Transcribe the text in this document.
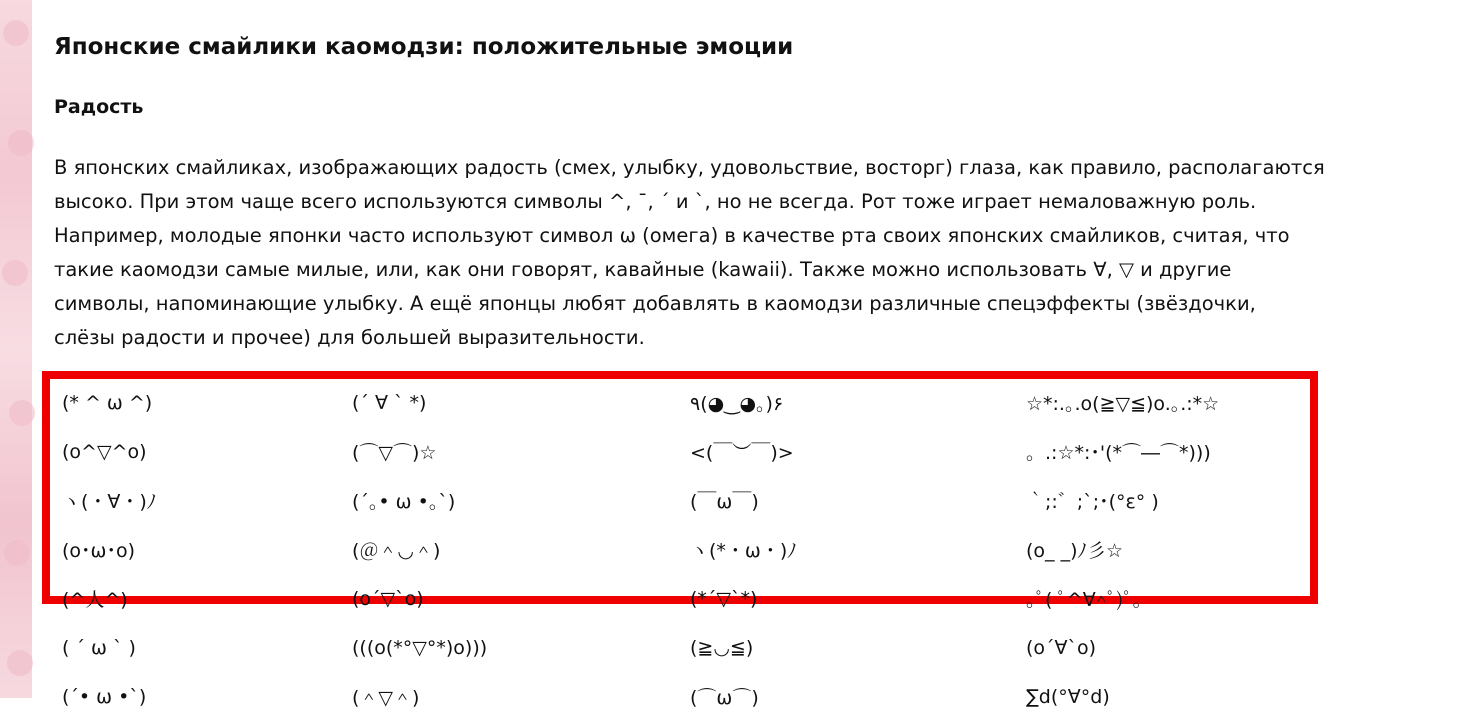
Японские смайлики каомодзи: положительные эмоции
Радость

В японских смайликах, изображающих радость (смех, улыбку, удовольствие, восторг) глаза, как правило, располагаются
высоко. При этом чаще всего используются символы ^, ¯, ´ и `, но не всегда. Рот тоже играет немаловажную роль.
Например, молодые японки часто используют символ ω (омега) в качестве рта своих японских смайликов, считая, что
такие каомодзи самые милые, или, как они говорят, кавайные (kawaii). Также можно использовать ∀, ▽ и другие
символы, напоминающие улыбку. А ещё японцы любят добавлять в каомодзи различные спецэффекты (звёздочки,
слёзы радости и прочее) для большей выразительности.

(* ^ ω ^)	(´ ∀ ` *)	٩(◕‿◕｡)۶	☆*:.｡.o(≧▽≦)o.｡.:*☆
(o^▽^o)	(⌒▽⌒)☆	<(￣︶￣)>	。.:☆*:･'(*⌒―⌒*)))
ヽ(・∀・)ﾉ	(´｡• ω •｡`)	(￣ω￣)	｀;:゛;`;･(°ε° )
(o･ω･o)	(＠＾◡＾)	ヽ(*・ω・)ﾉ	(o_ _)ﾉ彡☆
(^人^)	(o´▽`o)	(*´▽`*)	｡ﾟ( ﾟ^∀^ﾟ)ﾟ｡
( ´ ω ` )	(((o(*°▽°*)o)))	(≧◡≦)	(o´∀`o)
(´• ω •`)	(＾▽＾)	(⌒ω⌒)	∑d(°∀°d)
